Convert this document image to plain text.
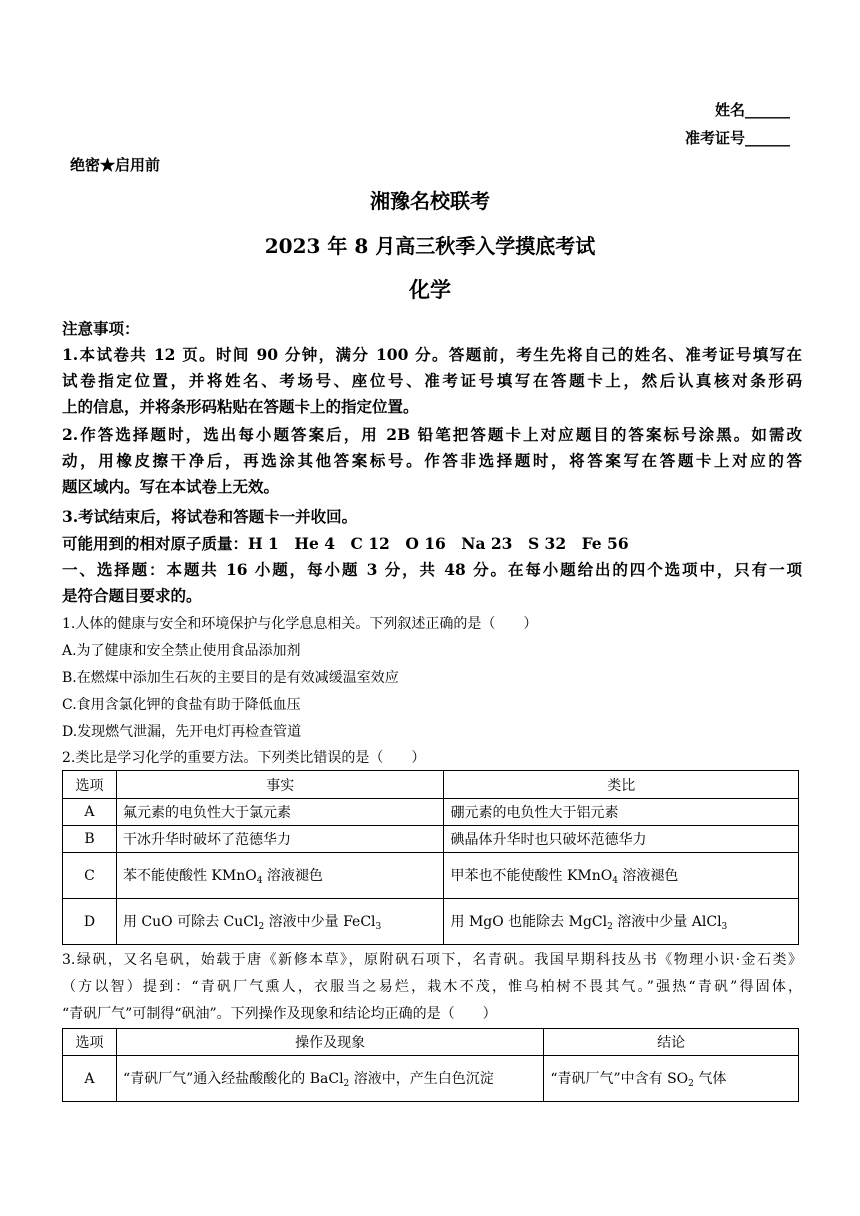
姓名______
准考证号______
绝密★启用前
湘豫名校联考
2023 年 8 月高三秋季入学摸底考试
化学
注意事项：
1.本试卷共 12 页。时间 90 分钟，满分 100 分。答题前，考生先将自己的姓名、准考证号填写在
试卷指定位置，并将姓名、考场号、座位号、准考证号填写在答题卡上，然后认真核对条形码
上的信息，并将条形码粘贴在答题卡上的指定位置。
2.作答选择题时，选出每小题答案后，用 2B 铅笔把答题卡上对应题目的答案标号涂黑。如需改
动，用橡皮擦干净后，再选涂其他答案标号。作答非选择题时，将答案写在答题卡上对应的答
题区域内。写在本试卷上无效。
3.考试结束后，将试卷和答题卡一并收回。
可能用到的相对原子质量：H 1　He 4　C 12　O 16　Na 23　S 32　Fe 56
一、选择题：本题共 16 小题，每小题 3 分，共 48 分。在每小题给出的四个选项中，只有一项
是符合题目要求的。
1.人体的健康与安全和环境保护与化学息息相关。下列叙述正确的是（　　）
A.为了健康和安全禁止使用食品添加剂
B.在燃煤中添加生石灰的主要目的是有效减缓温室效应
C.食用含氯化钾的食盐有助于降低血压
D.发现燃气泄漏，先开电灯再检查管道
2.类比是学习化学的重要方法。下列类比错误的是（　　）
选项	事实	类比
A	氟元素的电负性大于氯元素	硼元素的电负性大于铝元素
B	干冰升华时破坏了范德华力	碘晶体升华时也只破坏范德华力
C	苯不能使酸性 KMnO$_4$ 溶液褪色	甲苯也不能使酸性 KMnO$_4$ 溶液褪色
D	用 CuO 可除去 CuCl$_2$ 溶液中少量 FeCl$_3$	用 MgO 也能除去 MgCl$_2$ 溶液中少量 AlCl$_3$
3.绿矾，又名皂矾，始载于唐《新修本草》，原附矾石项下，名青矾。我国早期科技丛书《物理小识·金石类》
（方以智）提到：“青矾厂气熏人，衣服当之易烂，栽木不茂，惟乌柏树不畏其气。”强热“青矾”得固体，
“青矾厂气”可制得“矾油”。下列操作及现象和结论均正确的是（　　）
选项	操作及现象	结论
A	“青矾厂气”通入经盐酸酸化的 BaCl$_2$ 溶液中，产生白色沉淀	“青矾厂气”中含有 $SO_2$ 气体
